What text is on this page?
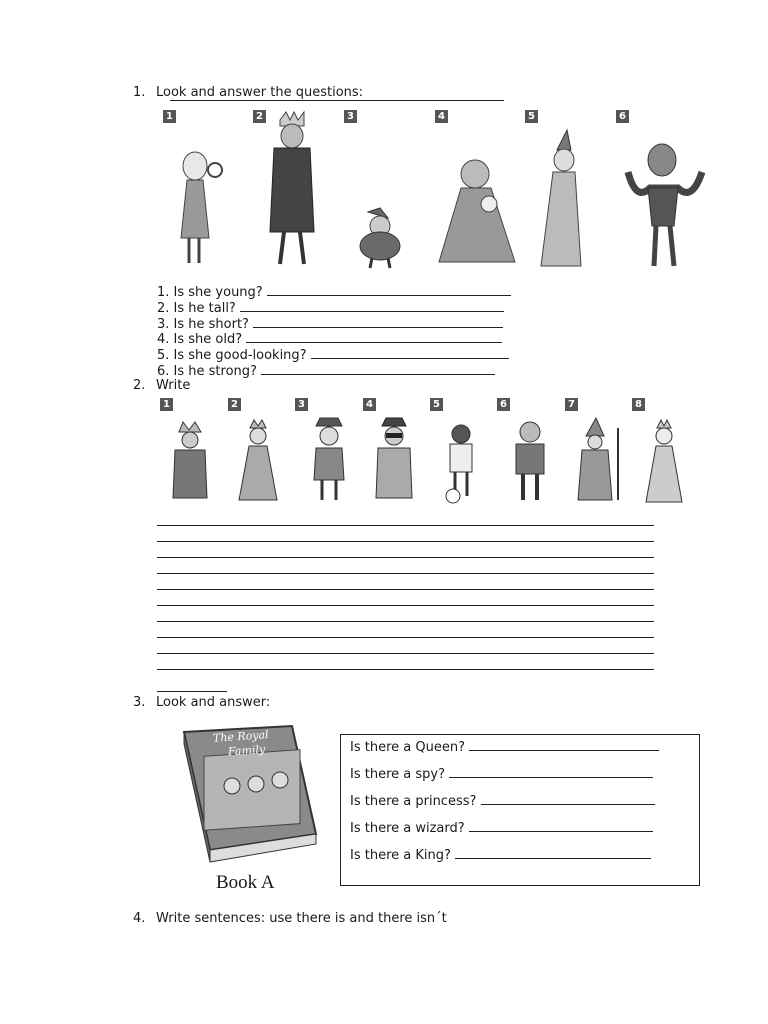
1. Look and answer the questions:
1	2	3	4	5	6
1. Is she young?
2. Is he tall?
3. Is he short?
4. Is she old?
5. Is she good-looking?
6. Is he strong?
2. Write
1	2	3	4	5	6	7	8
3. Look and answer:
The Royal
Family
Book A
Is there a Queen?
Is there a spy?
Is there a princess?
Is there a wizard?
Is there a King?
4. Write sentences: use there is and there isn´t
